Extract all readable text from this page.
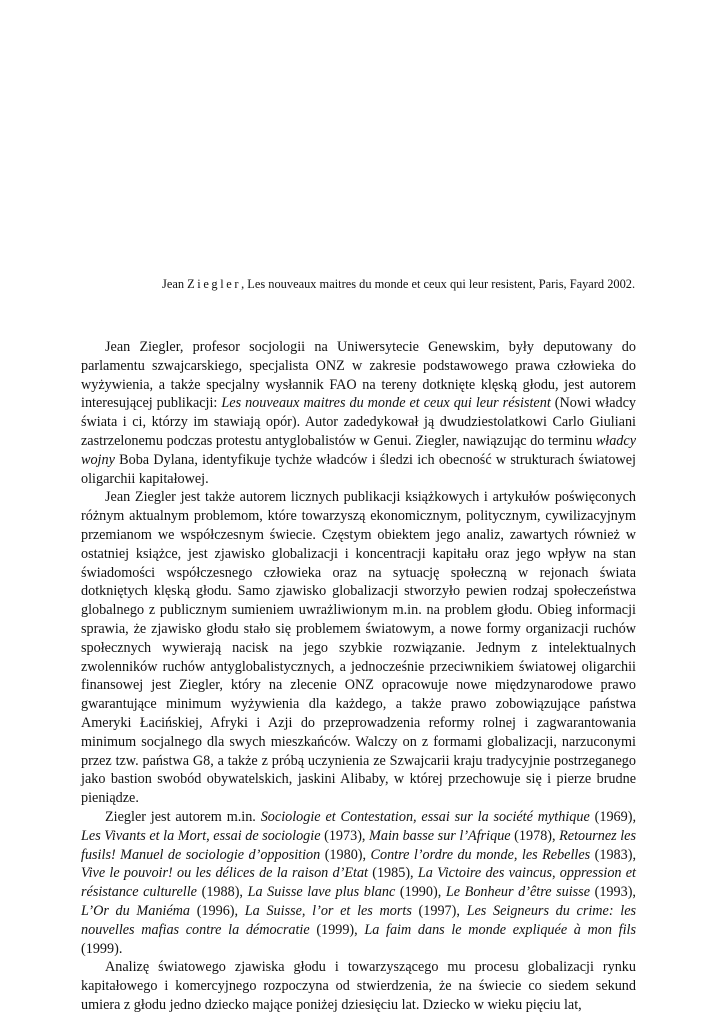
Jean Ziegler, Les nouveaux maitres du monde et ceux qui leur resistent, Paris, Fayard 2002.

Jean Ziegler, profesor socjologii na Uniwersytecie Genewskim, były deputowany do parlamentu szwajcarskiego, specjalista ONZ w zakresie podstawowego prawa człowieka do wyżywienia, a także specjalny wysłannik FAO na tereny dotknięte klęską głodu, jest autorem interesującej publikacji: Les nouveaux maitres du monde et ceux qui leur résistent (Nowi władcy świata i ci, którzy im stawiają opór). Autor zadedykował ją dwudziestolatkowi Carlo Giuliani zastrzelonemu podczas protestu antyglobalistów w Genui. Ziegler, nawiązując do terminu władcy wojny Boba Dylana, identyfikuje tychże władców i śledzi ich obecność w strukturach światowej oligarchii kapitałowej.

Jean Ziegler jest także autorem licznych publikacji książkowych i artykułów poświęconych różnym aktualnym problemom, które towarzyszą ekonomicznym, politycznym, cywilizacyjnym przemianom we współczesnym świecie. Częstym obiektem jego analiz, zawartych również w ostatniej książce, jest zjawisko globalizacji i koncentracji kapitału oraz jego wpływ na stan świadomości współczesnego człowieka oraz na sytuację społeczną w rejonach świata dotkniętych klęską głodu. Samo zjawisko globalizacji stworzyło pewien rodzaj społeczeństwa globalnego z publicznym sumieniem uwrażliwionym m.in. na problem głodu. Obieg informacji sprawia, że zjawisko głodu stało się problemem światowym, a nowe formy organizacji ruchów społecznych wywierają nacisk na jego szybkie rozwiązanie. Jednym z intelektualnych zwolenników ruchów antyglobalistycznych, a jednocześnie przeciwnikiem światowej oligarchii finansowej jest Ziegler, który na zlecenie ONZ opracowuje nowe międzynarodowe prawo gwarantujące minimum wyżywienia dla każdego, a także prawo zobowiązujące państwa Ameryki Łacińskiej, Afryki i Azji do przeprowadzenia reformy rolnej i zagwarantowania minimum socjalnego dla swych mieszkańców. Walczy on z formami globalizacji, narzuconymi przez tzw. państwa G8, a także z próbą uczynienia ze Szwajcarii kraju tradycyjnie postrzeganego jako bastion swobód obywatelskich, jaskini Alibaby, w której przechowuje się i pierze brudne pieniądze.

Ziegler jest autorem m.in. Sociologie et Contestation, essai sur la société mythique (1969), Les Vivants et la Mort, essai de sociologie (1973), Main basse sur l’Afrique (1978), Retournez les fusils! Manuel de sociologie d’opposition (1980), Contre l’ordre du monde, les Rebelles (1983), Vive le pouvoir! ou les délices de la raison d’Etat (1985), La Victoire des vaincus, oppression et résistance culturelle (1988), La Suisse lave plus blanc (1990), Le Bonheur d’être suisse (1993), L’Or du Maniéma (1996), La Suisse, l’or et les morts (1997), Les Seigneurs du crime: les nouvelles mafias contre la démocratie (1999), La faim dans le monde expliquée à mon fils (1999).

Analizę światowego zjawiska głodu i towarzyszącego mu procesu globalizacji rynku kapitałowego i komercyjnego rozpoczyna od stwierdzenia, że na świecie co siedem sekund umiera z głodu jedno dziecko mające poniżej dziesięciu lat. Dziecko w wieku pięciu lat,
